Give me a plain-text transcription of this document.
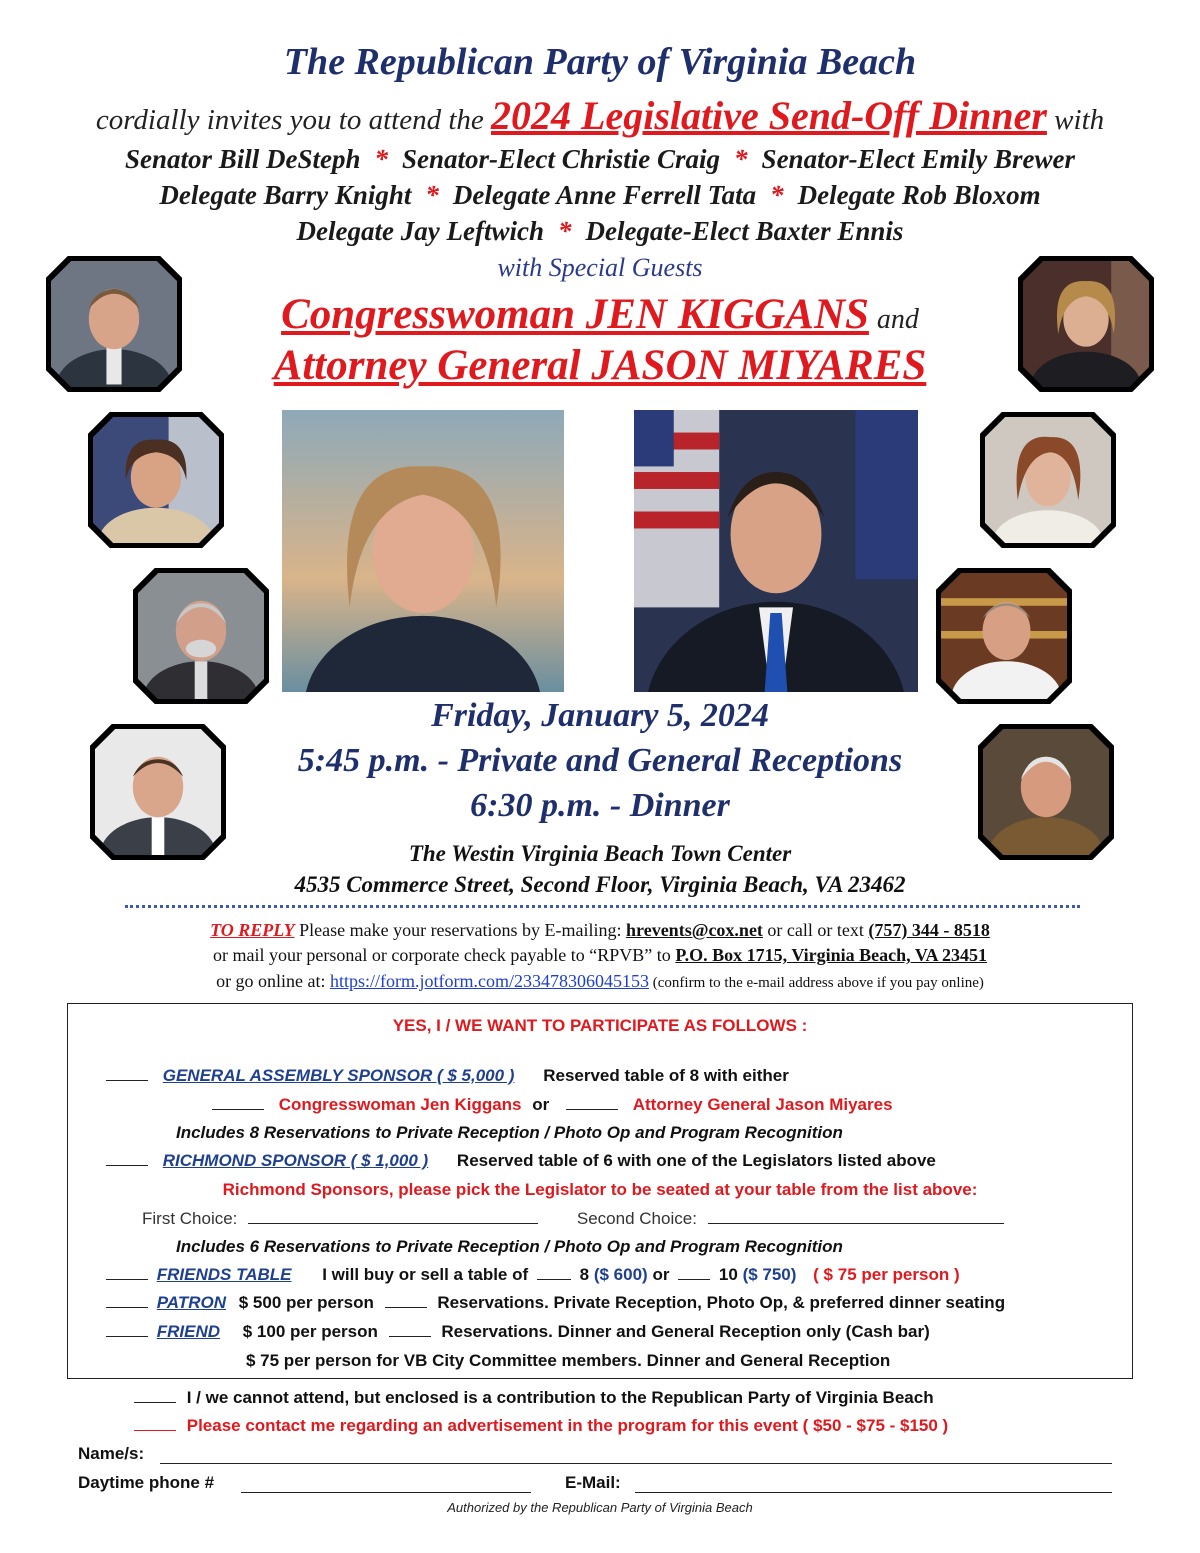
The Republican Party of Virginia Beach
cordially invites you to attend the 2024 Legislative Send-Off Dinner with
Senator Bill DeSteph * Senator-Elect Christie Craig * Senator-Elect Emily Brewer
Delegate Barry Knight * Delegate Anne Ferrell Tata * Delegate Rob Bloxom
Delegate Jay Leftwich * Delegate-Elect Baxter Ennis
with Special Guests
Congresswoman JEN KIGGANS and
Attorney General JASON MIYARES
Friday, January 5, 2024
5:45 p.m. - Private and General Receptions
6:30 p.m. - Dinner
The Westin Virginia Beach Town Center
4535 Commerce Street, Second Floor, Virginia Beach, VA 23462
TO REPLY Please make your reservations by E-mailing: hrevents@cox.net or call or text (757) 344 - 8518
or mail your personal or corporate check payable to “RPVB” to P.O. Box 1715, Virginia Beach, VA 23451
or go online at: https://form.jotform.com/233478306045153 (confirm to the e-mail address above if you pay online)
YES, I / WE WANT TO PARTICIPATE AS FOLLOWS :
GENERAL ASSEMBLY SPONSOR ( $ 5,000 ) Reserved table of 8 with either
Congresswoman Jen Kiggans or	Attorney General Jason Miyares
Includes 8 Reservations to Private Reception / Photo Op and Program Recognition
RICHMOND SPONSOR ( $ 1,000 ) Reserved table of 6 with one of the Legislators listed above
Richmond Sponsors, please pick the Legislator to be seated at your table from the list above:
First Choice:	Second Choice:
Includes 6 Reservations to Private Reception / Photo Op and Program Recognition
FRIENDS TABLE I will buy or sell a table of	8 ($ 600) or	10 ($ 750) ( $ 75 per person )
PATRON $ 500 per person	Reservations. Private Reception, Photo Op, & preferred dinner seating
FRIEND $ 100 per person	Reservations. Dinner and General Reception only (Cash bar)
$ 75 per person for VB City Committee members. Dinner and General Reception
I / we cannot attend, but enclosed is a contribution to the Republican Party of Virginia Beach
Please contact me regarding an advertisement in the program for this event ( $50 - $75 - $150 )
Name/s:
Daytime phone #	E-Mail:
Authorized by the Republican Party of Virginia Beach
